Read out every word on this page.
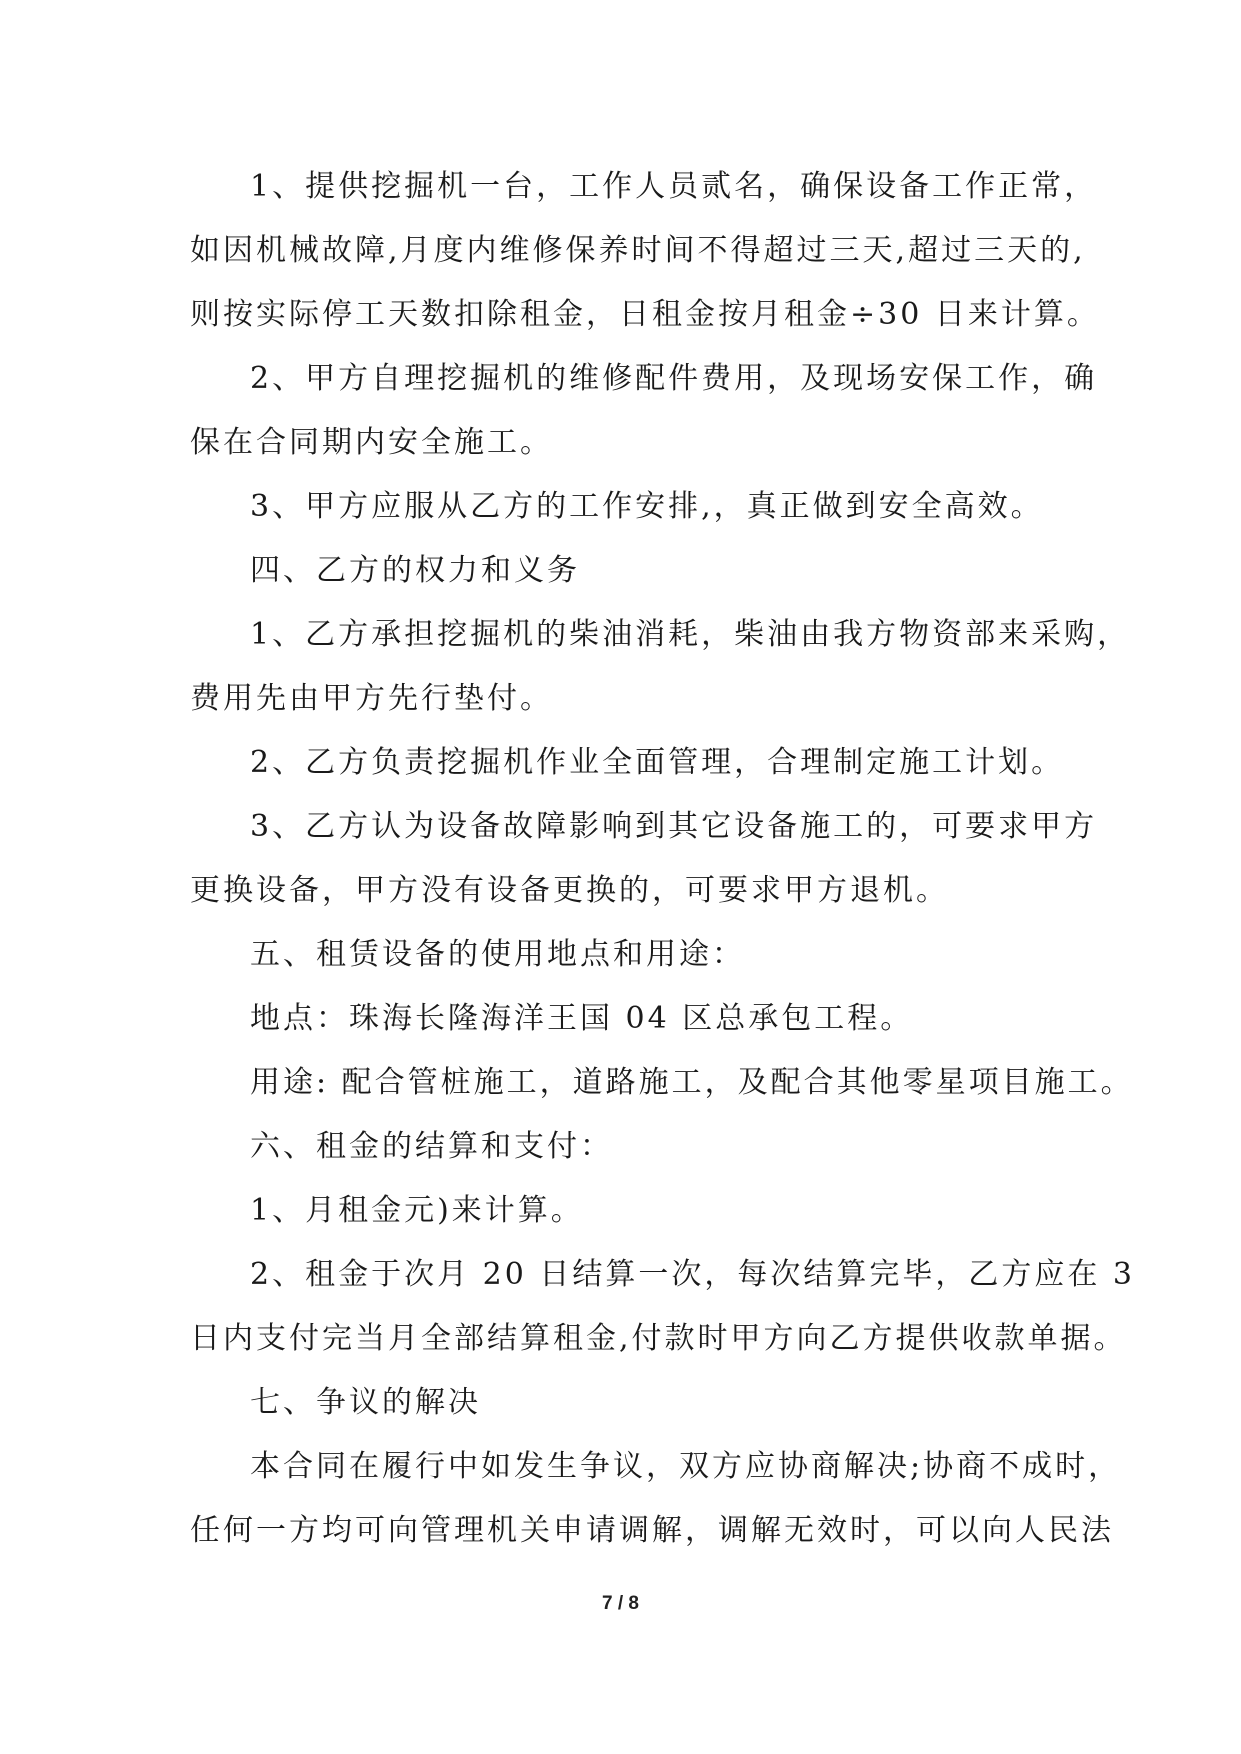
1、提供挖掘机一台，工作人员贰名，确保设备工作正常，
如因机械故障,月度内维修保养时间不得超过三天,超过三天的,
则按实际停工天数扣除租金，日租金按月租金÷30 日来计算。
2、甲方自理挖掘机的维修配件费用，及现场安保工作，确
保在合同期内安全施工。
3、甲方应服从乙方的工作安排,，真正做到安全高效。
四、乙方的权力和义务
1、乙方承担挖掘机的柴油消耗，柴油由我方物资部来采购，
费用先由甲方先行垫付。
2、乙方负责挖掘机作业全面管理，合理制定施工计划。
3、乙方认为设备故障影响到其它设备施工的，可要求甲方
更换设备，甲方没有设备更换的，可要求甲方退机。
五、租赁设备的使用地点和用途：
地点：珠海长隆海洋王国 04 区总承包工程。
用途: 配合管桩施工，道路施工，及配合其他零星项目施工。
六、租金的结算和支付：
1、月租金元)来计算。
2、租金于次月 20 日结算一次，每次结算完毕，乙方应在 3
日内支付完当月全部结算租金,付款时甲方向乙方提供收款单据。
七、争议的解决
本合同在履行中如发生争议，双方应协商解决;协商不成时，
任何一方均可向管理机关申请调解，调解无效时，可以向人民法
7 / 8
